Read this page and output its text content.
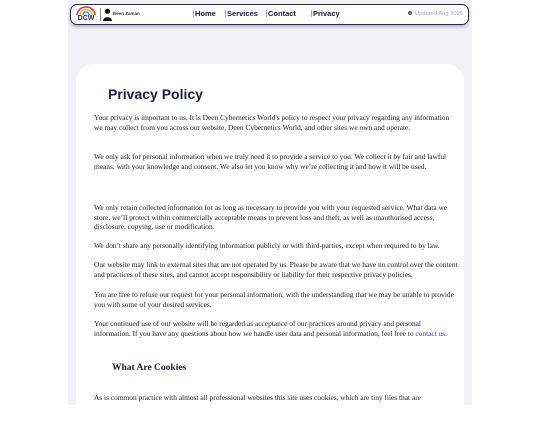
DCW
Deen Zaman	Home Services Contact Privacy	Updated Aug 2025
Privacy Policy

Your privacy is important to us. It is Deen Cybernetics World's policy to respect your privacy regarding any information we may collect from you across our website, Deen Cybernetics World, and other sites we own and operate.

We only ask for personal information when we truly need it to provide a service to you. We collect it by fair and lawful means, with your knowledge and consent. We also let you know why we’re collecting it and how it will be used.

We only retain collected information for as long as necessary to provide you with your requested service. What data we store, we’ll protect within commercially acceptable means to prevent loss and theft, as well as unauthorised access, disclosure, copying, use or modification.

We don’t share any personally identifying information publicly or with third-parties, except when required to by law.

Our website may link to external sites that are not operated by us. Please be aware that we have no control over the content and practices of these sites, and cannot accept responsibility or liability for their respective privacy policies.

You are free to refuse our request for your personal information, with the understanding that we may be unable to provide you with some of your desired services.

Your continued use of our website will be regarded as acceptance of our practices around privacy and personal information. If you have any questions about how we handle user data and personal information, feel free to contact us.

What Are Cookies

As is common practice with almost all professional websites this site uses cookies, which are tiny files that are
